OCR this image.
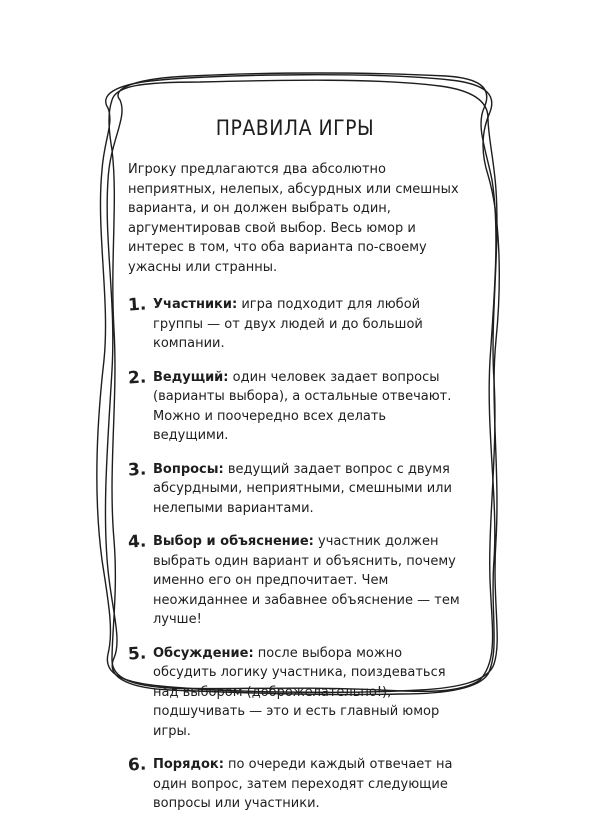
ПРАВИЛА ИГРЫ

Игроку предлагаются два абсолютно неприятных, нелепых, абсурдных или смешных варианта, и он должен выбрать один, аргументировав свой выбор. Весь юмор и интерес в том, что оба варианта по-своему ужасны или странны.

1. Участники: игра подходит для любой группы — от двух людей и до большой компании.
2. Ведущий: один человек задает вопросы (варианты выбора), а остальные отвечают. Можно и поочередно всех делать ведущими.
3. Вопросы: ведущий задает вопрос с двумя абсурдными, неприятными, смешными или нелепыми вариантами.
4. Выбор и объяснение: участник должен выбрать один вариант и объяснить, почему именно его он предпочитает. Чем неожиданнее и забавнее объяснение — тем лучше!
5. Обсуждение: после выбора можно обсудить логику участника, поиздеваться над выбором (доброжелательно!), подшучивать — это и есть главный юмор игры.
6. Порядок: по очереди каждый отвечает на один вопрос, затем переходят следующие вопросы или участники.
